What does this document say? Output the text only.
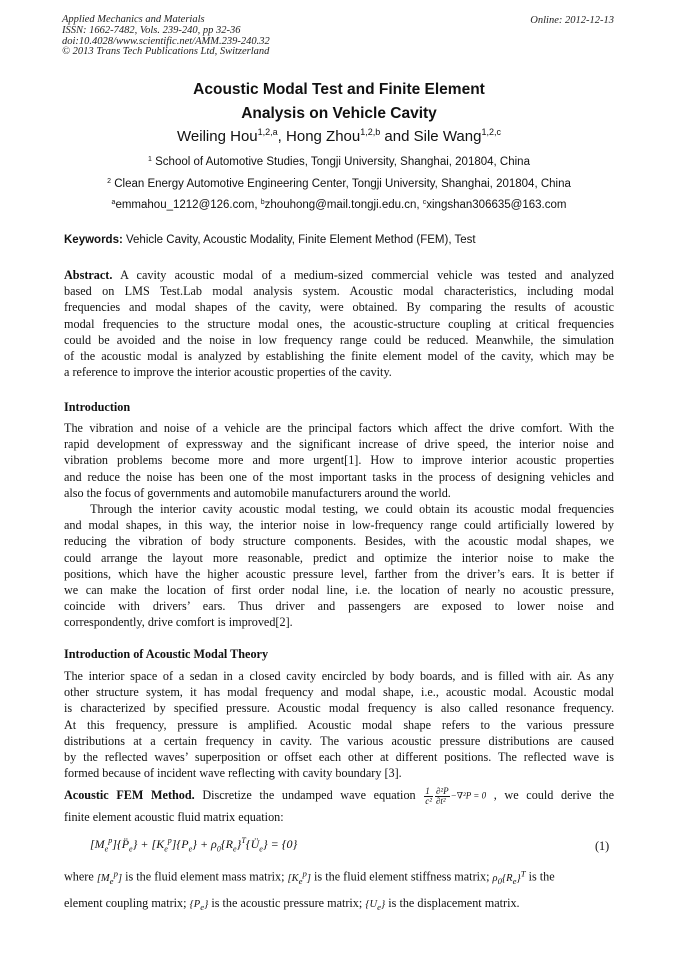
Applied Mechanics and Materials
ISSN: 1662-7482, Vols. 239-240, pp 32-36
doi:10.4028/www.scientific.net/AMM.239-240.32
© 2013 Trans Tech Publications Ltd, Switzerland
Online: 2012-12-13
Acoustic Modal Test and Finite Element
Analysis on Vehicle Cavity
Weiling Hou$^{1,2,a}$, Hong Zhou$^{1,2,b}$ and Sile Wang$^{1,2,c}$
$^1$ School of Automotive Studies, Tongji University, Shanghai, 201804, China
$^2$ Clean Energy Automotive Engineering Center, Tongji University, Shanghai, 201804, China
$^a$emmahou_1212@126.com, $^b$zhouhong@mail.tongji.edu.cn, $^c$xingshan306635@163.com
Keywords: Vehicle Cavity, Acoustic Modality, Finite Element Method (FEM), Test
Abstract. A cavity acoustic modal of a medium-sized commercial vehicle was tested and analyzed
based on LMS Test.Lab modal analysis system. Acoustic modal characteristics, including modal
frequencies and modal shapes of the cavity, were obtained. By comparing the results of acoustic
modal frequencies to the structure modal ones, the acoustic-structure coupling at critical frequencies
could be avoided and the noise in low frequency range could be reduced. Meanwhile, the simulation
of the acoustic modal is analyzed by establishing the finite element model of the cavity, which may be
a reference to improve the interior acoustic properties of the cavity.
Introduction
The vibration and noise of a vehicle are the principal factors which affect the drive comfort. With the
rapid development of expressway and the significant increase of drive speed, the interior noise and
vibration problems become more and more urgent[1]. How to improve interior acoustic properties
and reduce the noise has been one of the most important tasks in the process of designing vehicles and
also the focus of governments and automobile manufacturers around the world.
Through the interior cavity acoustic modal testing, we could obtain its acoustic modal frequencies
and modal shapes, in this way, the interior noise in low-frequency range could artificially lowered by
reducing the vibration of body structure components. Besides, with the acoustic modal shapes, we
could arrange the layout more reasonable, predict and optimize the interior noise to make the
positions, which have the higher acoustic pressure level, farther from the driver’s ears. It is better if
we can make the location of first order nodal line, i.e. the location of nearly no acoustic pressure,
coincide with drivers’ ears. Thus driver and passengers are exposed to lower noise and
correspondently, drive comfort is improved[2].
Introduction of Acoustic Modal Theory
The interior space of a sedan in a closed cavity encircled by body boards, and is filled with air. As any
other structure system, it has modal frequency and modal shape, i.e., acoustic modal. Acoustic modal
is characterized by specified pressure. Acoustic modal frequency is also called resonance frequency.
At this frequency, pressure is amplified. Acoustic modal shape refers to the various pressure
distributions at a certain frequency in cavity. The various acoustic pressure distributions are caused
by the reflected waves’ superposition or offset each other at different positions. The reflected wave is
formed because of incident wave reflecting with cavity boundary [3].
Acoustic FEM Method. Discretize the undamped wave equation $\frac{1}{\text{c²}} \frac{\text{∂²P}}{\text{∂t²}} -\nabla^2P = 0$ , we could derive the
finite element acoustic fluid matrix equation:
$[M_e^p]\{P̈_e\} + [K_e^p]\{P_e\}$ + $\rho_0\{R_e\}^T\{Ü_e\} = \{0\}$	(1)
where $[M_e^p]$ is the fluid element mass matrix; $[K_e^p]$ is the fluid element stiffness matrix; $\rho_0\{R_e\}^T$ is the
element coupling matrix; $\{P_e\}$ is the acoustic pressure matrix; $\{U_e\}$ is the displacement matrix.
